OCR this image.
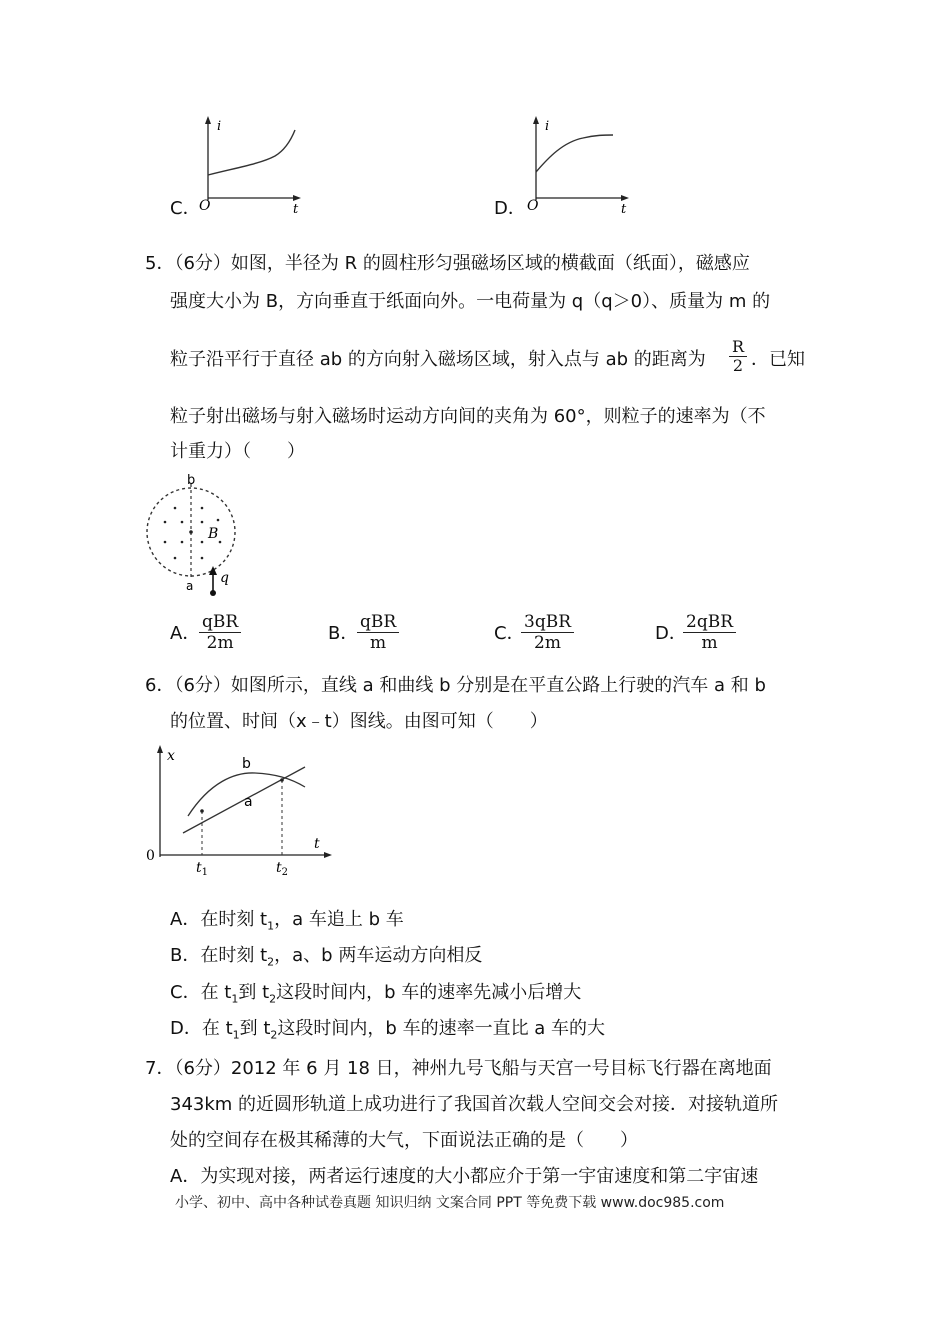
C．
i
O	t	D．
i
O	t
5．（6分）如图，半径为 R 的圆柱形匀强磁场区域的横截面（纸面），磁感应
强度大小为 B，方向垂直于纸面向外。一电荷量为 q（q＞0）、质量为 m 的
粒子沿平行于直径 ab 的方向射入磁场区域，射入点与 ab 的距离为
R
2 ．已知
粒子射出磁场与射入磁场时运动方向间的夹角为 60°，则粒子的速率为（不
计重力）（　　）
b
B
a q
A．
qBR
2m	B．
qBR
m	C．
3qBR
2m	D．
2qBR
m
6．（6分）如图所示，直线 a 和曲线 b 分别是在平直公路上行驶的汽车 a 和 b
的位置、时间（x﹣t）图线。由图可知（　　）
x
t
0
b
a
$t_1$	$t_2$
A．在时刻 $t_1$，a 车追上 b 车
B．在时刻 $t_2$，a、b 两车运动方向相反
C．在 $t_1$到 $t_2$这段时间内，b 车的速率先减小后增大
D．在 $t_1$到 $t_2$这段时间内，b 车的速率一直比 a 车的大
7．（6分）2012 年 6 月 18 日，神州九号飞船与天宫一号目标飞行器在离地面
343km 的近圆形轨道上成功进行了我国首次载人空间交会对接．对接轨道所
处的空间存在极其稀薄的大气，下面说法正确的是（　　）
A．为实现对接，两者运行速度的大小都应介于第一宇宙速度和第二宇宙速
小学、初中、高中各种试卷真题 知识归纳 文案合同 PPT 等免费下载 www.doc985.com
